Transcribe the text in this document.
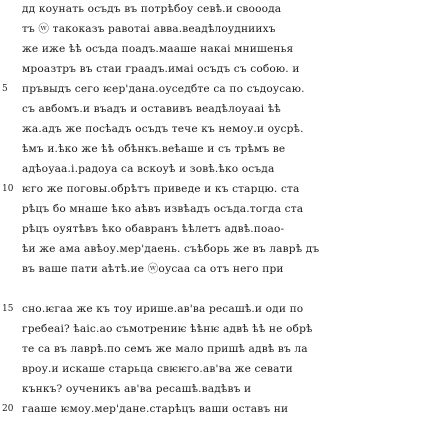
дд коунать осъдъ въ потрѣбоу севѣ.и свооода
тъ ⓦ такоказъ равотаі аввa.веадѣлоудниихъ
же иже ѣѣ осъда поадъ.мааше накаі мнишенья
мроазтръ въ стаи граадъ.имаі осъдъ съ собою. и
5	пръвыдъ сего ѥер'дана.оуседбте са по съдоусаю.
съ авбомъ.и въадъ и оставивъ веадѣлоуааі ѣѣ
жа.адъ же посѣадъ осъдъ тече къ немоу.и оусрѣ.
ѣмъ и.ѣко же ѣѣ обѣнкъ.веѣаше и съ трѣмъ ве
адѣоуаа.і.радоуа са вскоуѣ и зовѣ.ѣко осъда
10 ѥго же поговы.обрѣтъ приведе и къ старцю. ста
рѣцъ бо мнаше ѣко аѣвъ извѣадъ осъда.тогда ста
рѣцъ оуятѣвъ ѣко обавранъ ѣѣлетъ адвѣ.поао-
ѣи же ама авѣоу.мер'даень. съѣборь же въ лаврѣ дъ
въ ваше пати аѣтѣ.ие ⓦоусаа са отъ него при
15 сно.ѥгаа же къ тоу ирише.ав'ва ресашѣ.и оди по
гребеаі? ѣаіс.ао съмотрениѥ ѣѣнѥ адвѣ ѣѣ не обрѣ
те са въ лаврѣ.по семъ же мало пришѣ адвѣ въ ла
вроу.и искаше старьца свѥѥго.ав'ва же севати
кънкъ? оученикъ ав'ва ресашѣ.вадѣвъ и
20 гааше ѥмоу.мер'дане.старѣцъ ваши оставъ ни
